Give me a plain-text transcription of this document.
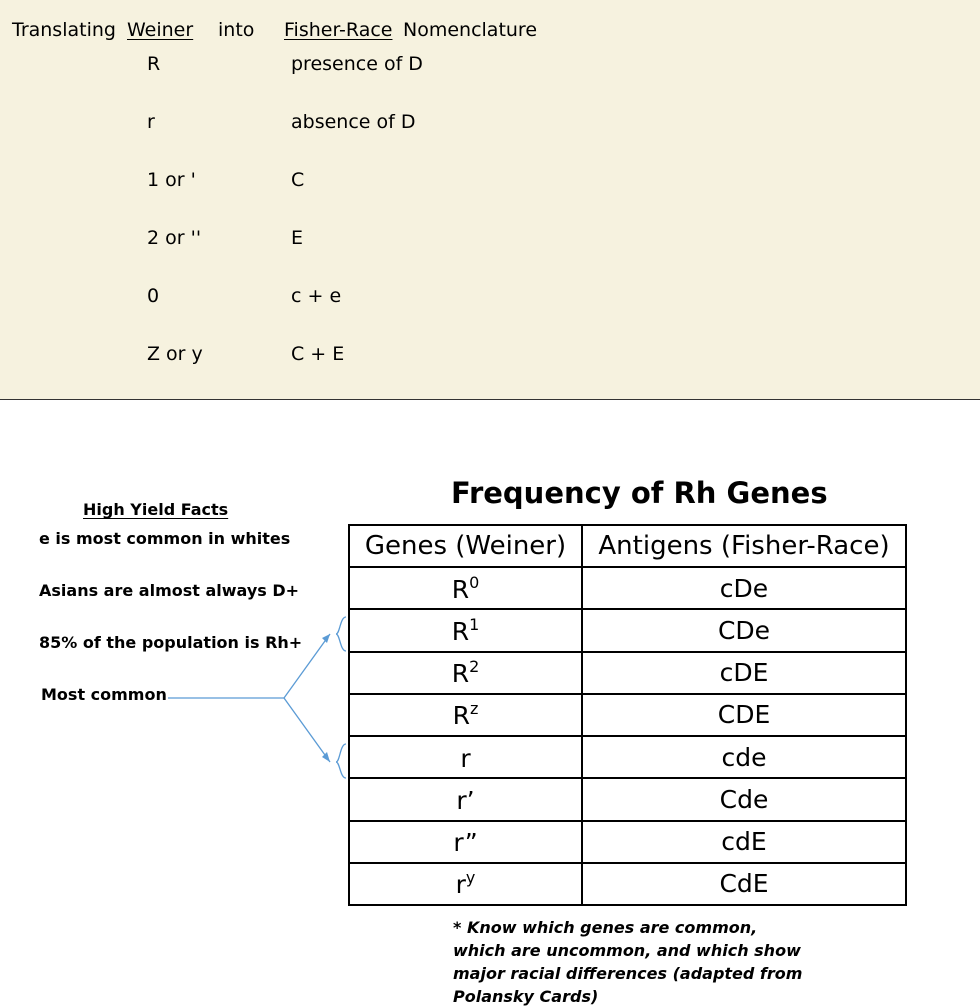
Translating Weiner into Fisher-Race Nomenclature
R	presence of D
r	absence of D
1 or '	C
2 or ''	E
0	c + e
Z or y	C + E
High Yield Facts
e is most common in whites
Asians are almost always D+
85% of the population is Rh+
Most common
Frequency of Rh Genes
Genes (Weiner)	Antigens (Fisher-Race)
$R^0$	cDe
$R^1$	CDe
$R^2$	cDE
$R^z$	CDE
r	cde
r’	Cde
r”	cdE
$r^y$	CdE
* Know which genes are common, which are uncommon, and which show major racial differences (adapted from Polansky Cards)
